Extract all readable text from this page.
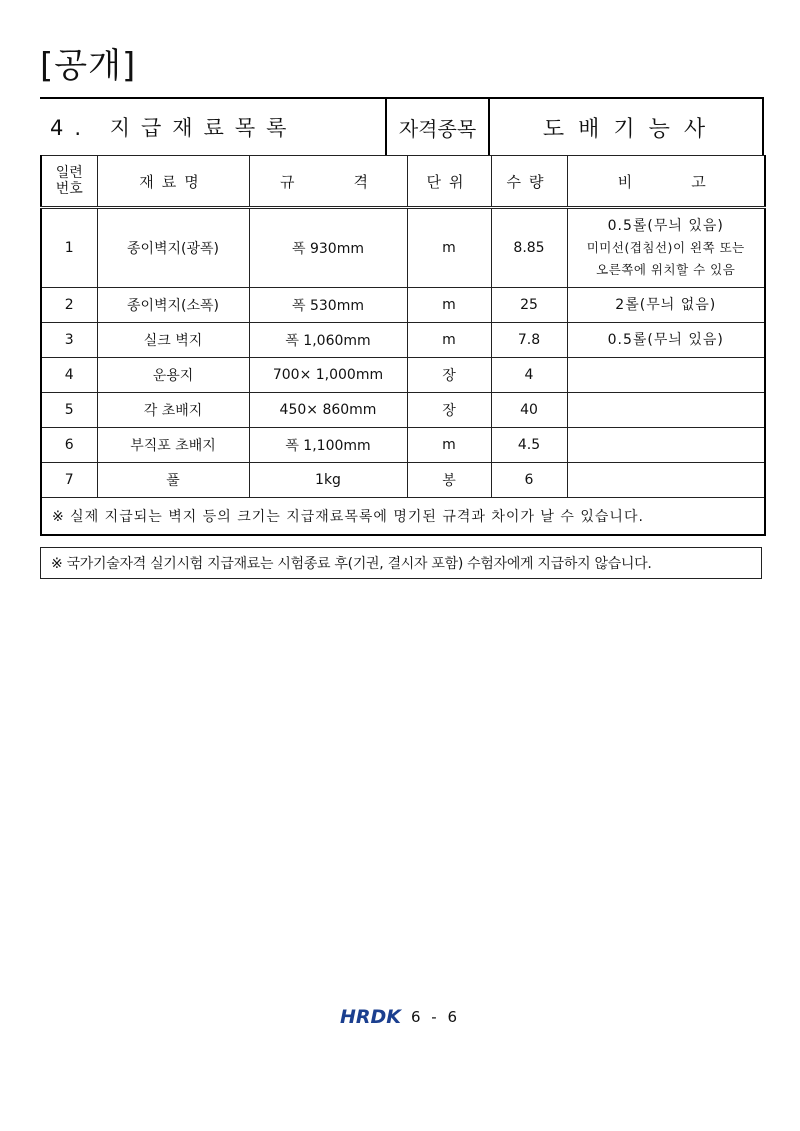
[공개]
4. 지급재료목록	자격종목	도배기능사
일련
번호	재료명	규    격	단위	수량	비    고
1	종이벽지(광폭)	폭 930mm	m	8.85	0.5롤(무늬 있음)
미미선(겹침선)이 왼쪽 또는
오른쪽에 위치할 수 있음

2	종이벽지(소폭)	폭 530mm	m	25	2롤(무늬 없음)
3	실크 벽지	폭 1,060mm	m	7.8	0.5롤(무늬 있음)
4	운용지	700× 1,000mm	장	4	
5	각 초배지	450× 860mm	장	40	
6	부직포 초배지	폭 1,100mm	m	4.5	
7	풀	1kg	봉	6	
※ 실제 지급되는 벽지 등의 크기는 지급재료목록에 명기된 규격과 차이가 날 수 있습니다.					
※ 국가기술자격 실기시험 지급재료는 시험종료 후(기권, 결시자 포함) 수험자에게 지급하지 않습니다.
HRDK 6 - 6
